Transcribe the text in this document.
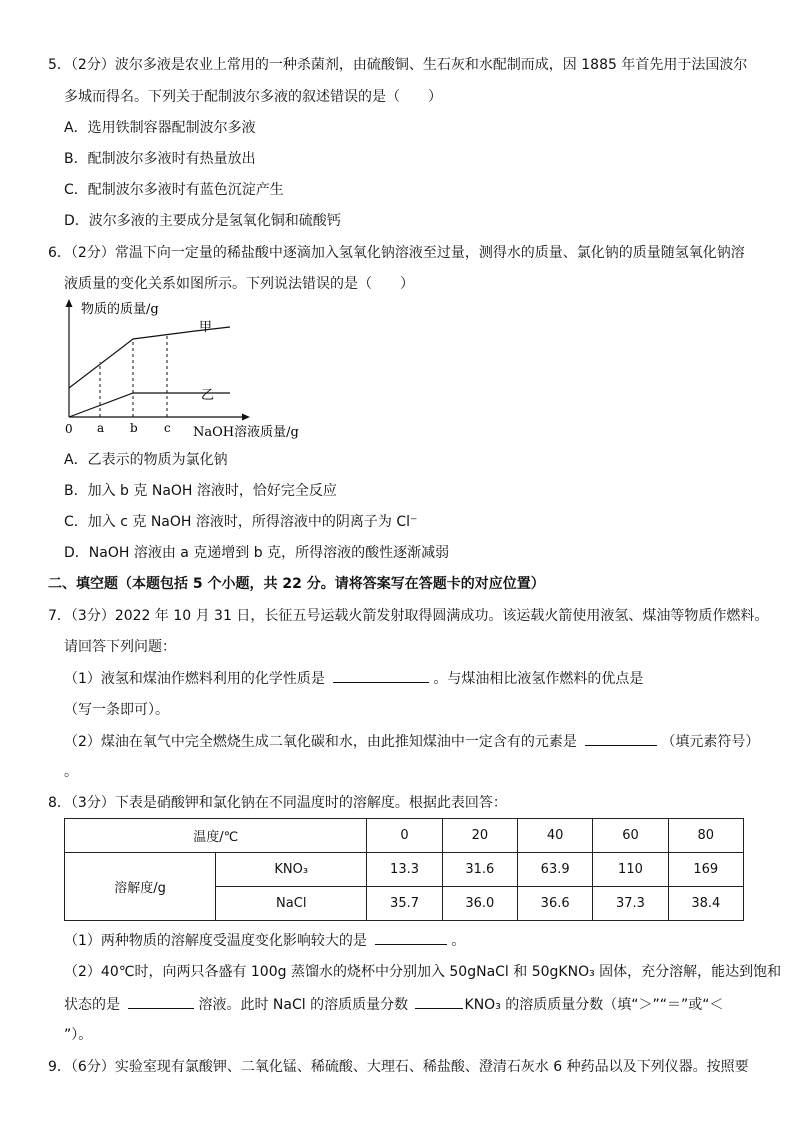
5．（2分）波尔多液是农业上常用的一种杀菌剂，由硫酸铜、生石灰和水配制而成，因 1885 年首先用于法国波尔
多城而得名。下列关于配制波尔多液的叙述错误的是（　　）
A．选用铁制容器配制波尔多液
B．配制波尔多液时有热量放出
C．配制波尔多液时有蓝色沉淀产生
D．波尔多液的主要成分是氢氧化铜和硫酸钙
6．（2分）常温下向一定量的稀盐酸中逐滴加入氢氧化钠溶液至过量，测得水的质量、氯化钠的质量随氢氧化钠溶
液质量的变化关系如图所示。下列说法错误的是（　　）
物质的质量/g
甲
乙
0 a b c NaOH溶液质量/g
A．乙表示的物质为氯化钠
B．加入 b 克 NaOH 溶液时，恰好完全反应
C．加入 c 克 NaOH 溶液时，所得溶液中的阴离子为 Cl⁻
D．NaOH 溶液由 a 克递增到 b 克，所得溶液的酸性逐渐减弱
二、填空题（本题包括 5 个小题，共 22 分。请将答案写在答题卡的对应位置）
7．（3分）2022 年 10 月 31 日，长征五号运载火箭发射取得圆满成功。该运载火箭使用液氢、煤油等物质作燃料。
请回答下列问题：
（1）液氢和煤油作燃料利用的化学性质是	。与煤油相比液氢作燃料的优点是
（写一条即可）。
（2）煤油在氧气中完全燃烧生成二氧化碳和水，由此推知煤油中一定含有的元素是	（填元素符号）
。
8．（3分）下表是硝酸钾和氯化钠在不同温度时的溶解度。根据此表回答：
温度/℃		0	20	40	60	80
溶解度/g	KNO₃	13.3	31.6	63.9	110	169
	NaCl	35.7	36.0	36.6	37.3	38.4
（1）两种物质的溶解度受温度变化影响较大的是	。
（2）40℃时，向两只各盛有 100g 蒸馏水的烧杯中分别加入 50gNaCl 和 50gKNO₃ 固体，充分溶解，能达到饱和
状态的是	溶液。此时 NaCl 的溶质质量分数	KNO₃ 的溶质质量分数（填“＞”“＝”或“＜
”）。
9．（6分）实验室现有氯酸钾、二氧化锰、稀硫酸、大理石、稀盐酸、澄清石灰水 6 种药品以及下列仪器。按照要
